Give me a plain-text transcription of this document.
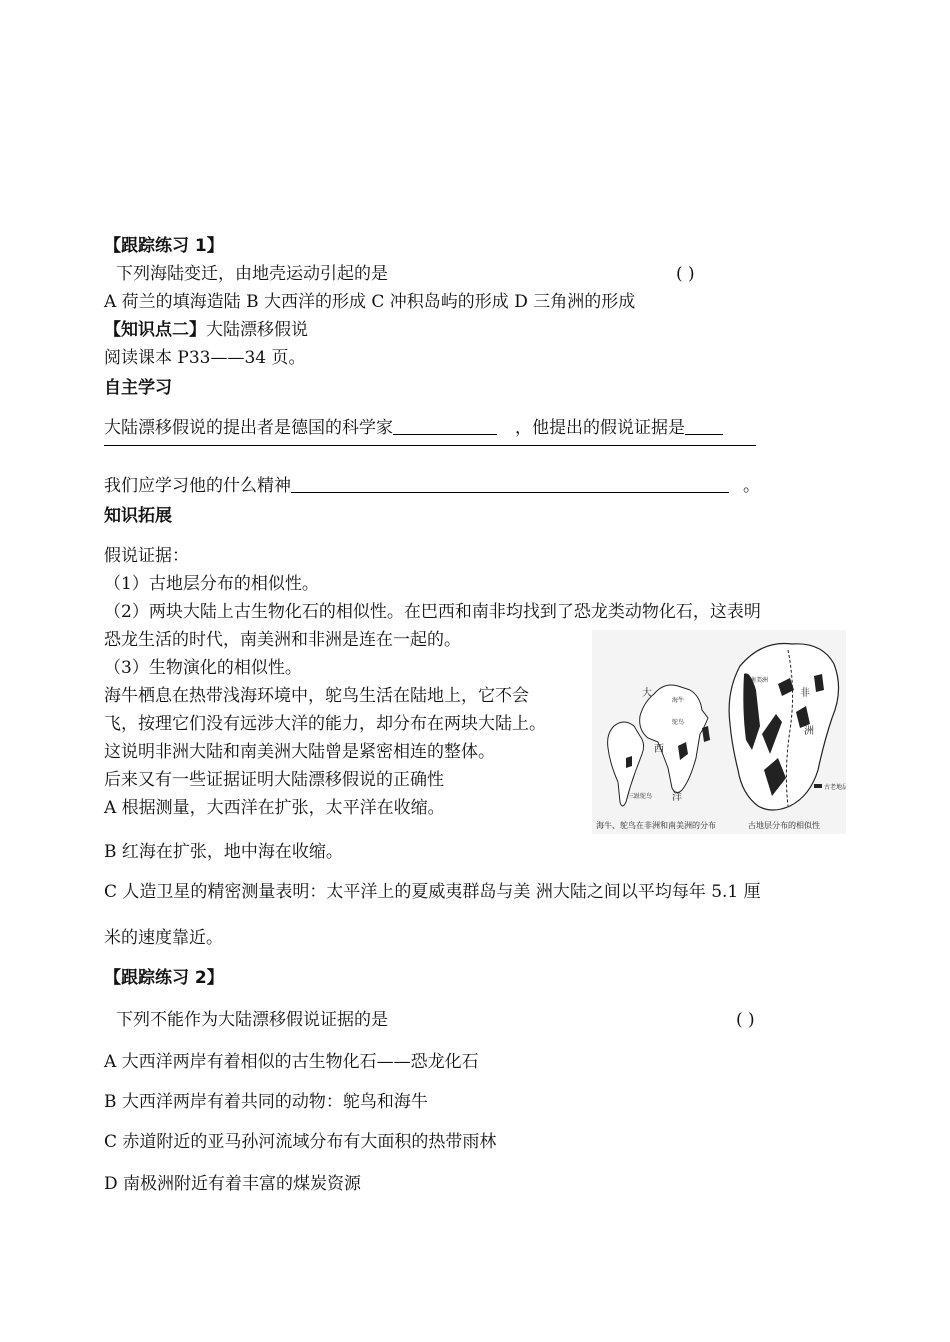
【跟踪练习 1】
下列海陆变迁，由地壳运动引起的是	( )
A 荷兰的填海造陆 B 大西洋的形成 C 冲积岛屿的形成 D 三角洲的形成
【知识点二】大陆漂移假说
阅读课本 P33——34 页。
自主学习
大陆漂移假说的提出者是德国的科学家	，他提出的假说证据是
我们应学习他的什么精神	。
知识拓展
假说证据：
（1）古地层分布的相似性。
（2）两块大陆上古生物化石的相似性。在巴西和南非均找到了恐龙类动物化石，这表明
恐龙生活的时代，南美洲和非洲是连在一起的。
（3）生物演化的相似性。
海牛栖息在热带浅海环境中，鸵鸟生活在陆地上，它不会
飞，按理它们没有远涉大洋的能力，却分布在两块大陆上。
这说明非洲大陆和南美洲大陆曾是紧密相连的整体。
后来又有一些证据证明大陆漂移假说的正确性
A 根据测量，大西洋在扩张，太平洋在收缩。
B 红海在扩张，地中海在收缩。
C 人造卫星的精密测量表明：太平洋上的夏威夷群岛与美 洲大陆之间以平均每年 5.1 厘
米的速度靠近。
大
西
洋
海牛
鸵鸟
三趾鸵鸟
南美洲
非
洲
古老地层
海牛、鸵鸟在非洲和南美洲的分布	古地层分布的相似性
【跟踪练习 2】
下列不能作为大陆漂移假说证据的是	( )
A 大西洋两岸有着相似的古生物化石——恐龙化石
B 大西洋两岸有着共同的动物：鸵鸟和海牛
C 赤道附近的亚马孙河流域分布有大面积的热带雨林
D 南极洲附近有着丰富的煤炭资源
